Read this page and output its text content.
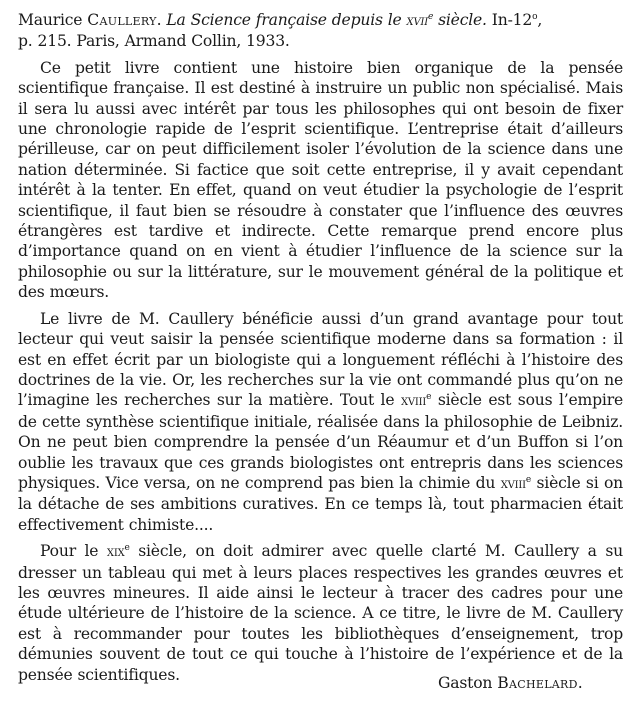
Maurice Caullery. La Science française depuis le xvii$^e$ siècle. In-12$^o$,
p. 215. Paris, Armand Collin, 1933.

Ce petit livre contient une histoire bien organique de la pensée scientifique française. Il est destiné à instruire un public non spécialisé. Mais il sera lu aussi avec intérêt par tous les philosophes qui ont besoin de fixer une chronologie rapide de l’esprit scientifique. L’entreprise était d’ailleurs périlleuse, car on peut difficilement isoler l’évolution de la science dans une nation déterminée. Si factice que soit cette entreprise, il y avait cependant intérêt à la tenter. En effet, quand on veut étudier la psychologie de l’esprit scientifique, il faut bien se résoudre à constater que l’influence des œuvres étrangères est tardive et indirecte. Cette remarque prend encore plus d’importance quand on en vient à étudier l’influence de la science sur la philosophie ou sur la littérature, sur le mouvement général de la politique et des mœurs.

Le livre de M. Caullery bénéficie aussi d’un grand avantage pour tout lecteur qui veut saisir la pensée scientifique moderne dans sa formation : il est en effet écrit par un biologiste qui a longuement réfléchi à l’histoire des doctrines de la vie. Or, les recherches sur la vie ont commandé plus qu’on ne l’imagine les recherches sur la matière. Tout le xviii$^e$ siècle est sous l’empire de cette synthèse scientifique initiale, réalisée dans la philosophie de Leibniz. On ne peut bien comprendre la pensée d’un Réaumur et d’un Buffon si l’on oublie les travaux que ces grands biologistes ont entrepris dans les sciences physiques. Vice versa, on ne comprend pas bien la chimie du xviii$^e$ siècle si on la détache de ses ambitions curatives. En ce temps là, tout pharmacien était effectivement chimiste....

Pour le xix$^e$ siècle, on doit admirer avec quelle clarté M. Caullery a su dresser un tableau qui met à leurs places respectives les grandes œuvres et les œuvres mineures. Il aide ainsi le lecteur à tracer des cadres pour une étude ultérieure de l’histoire de la science. A ce titre, le livre de M. Caullery est à recommander pour toutes les bibliothèques d’enseignement, trop démunies souvent de tout ce qui touche à l’histoire de l’expérience et de la pensée scientifiques.	Gaston Bachelard.
